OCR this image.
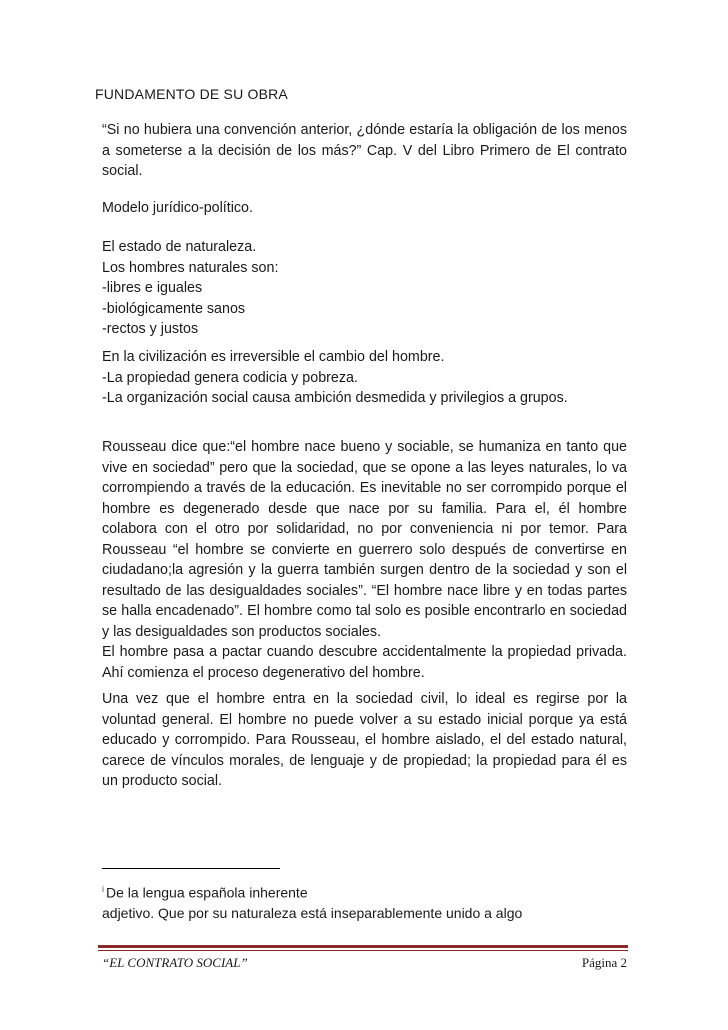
FUNDAMENTO DE SU OBRA
“Si no hubiera una convención anterior, ¿dónde estaría la obligación de los menos a someterse a la decisión de los más?” Cap. V del Libro Primero de El contrato social.
Modelo jurídico-político.
El estado de naturaleza.
Los hombres naturales son:
-libres e iguales
-biológicamente sanos
-rectos y justos
En la civilización es irreversible el cambio del hombre.
-La propiedad genera codicia y pobreza.
-La organización social causa ambición desmedida y privilegios a grupos.

Rousseau dice que:“el hombre nace bueno y sociable, se humaniza en tanto que vive en sociedad” pero que la sociedad, que se opone a las leyes naturales, lo va corrompiendo a través de la educación. Es inevitable no ser corrompido porque el hombre es degenerado desde que nace por su familia. Para el, él hombre colabora con el otro por solidaridad, no por conveniencia ni por temor. Para Rousseau “el hombre se convierte en guerrero solo después de convertirse en ciudadano;la agresión y la guerra también surgen dentro de la sociedad y son el resultado de las desigualdades sociales”. “El hombre nace libre y en todas partes se halla encadenado”. El hombre como tal solo es posible encontrarlo en sociedad y las desigualdades son productos sociales.

El hombre pasa a pactar cuando descubre accidentalmente la propiedad privada. Ahí comienza el proceso degenerativo del hombre.

Una vez que el hombre entra en la sociedad civil, lo ideal es regirse por la voluntad general. El hombre no puede volver a su estado inicial porque ya está educado y corrompido. Para Rousseau, el hombre aislado, el del estado natural, carece de vínculos morales, de lenguaje y de propiedad; la propiedad para él es un producto social.

$^i$ De la lengua española inherente
adjetivo. Que por su naturaleza está inseparablemente unido a algo
“EL CONTRATO SOCIAL”	Página 2
